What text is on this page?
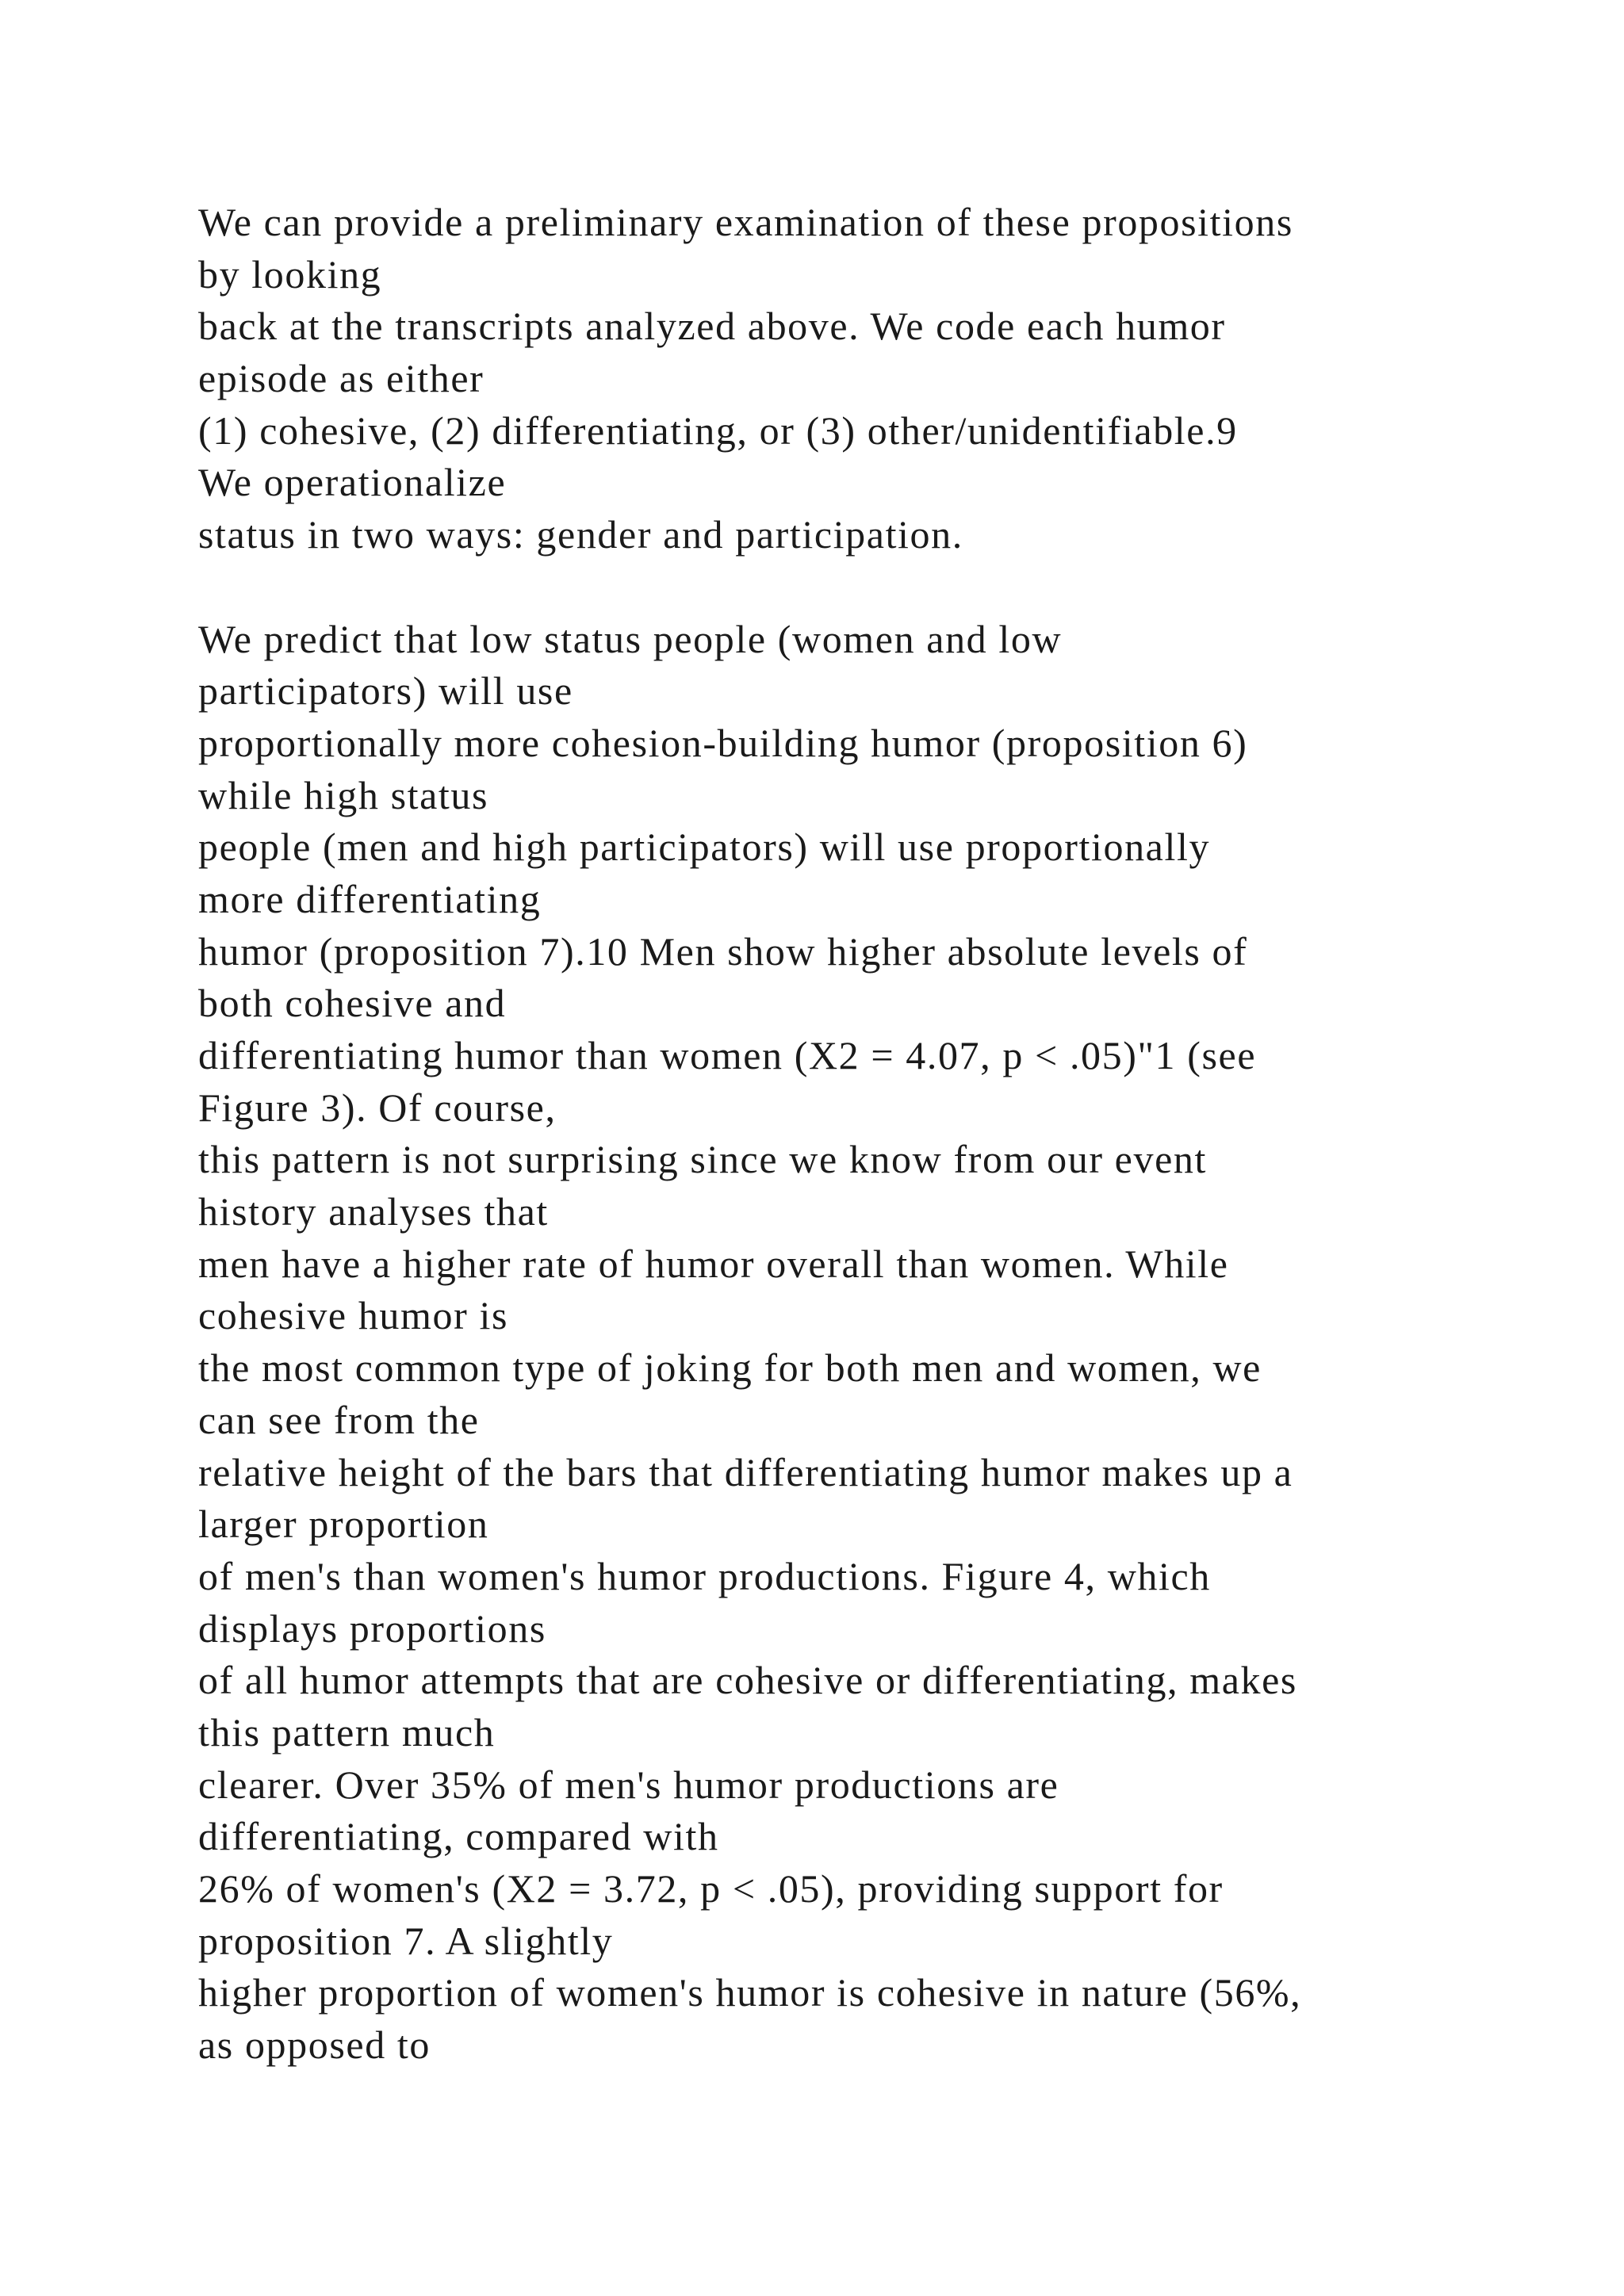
We can provide a preliminary examination of these propositions
by looking
back at the transcripts analyzed above. We code each humor
episode as either
(1) cohesive, (2) differentiating, or (3) other/unidentifiable.9
We operationalize
status in two ways: gender and participation.
We predict that low status people (women and low
participators) will use
proportionally more cohesion-building humor (proposition 6)
while high status
people (men and high participators) will use proportionally
more differentiating
humor (proposition 7).10 Men show higher absolute levels of
both cohesive and
differentiating humor than women (X2 = 4.07, p < .05)"1 (see
Figure 3). Of course,
this pattern is not surprising since we know from our event
history analyses that
men have a higher rate of humor overall than women. While
cohesive humor is
the most common type of joking for both men and women, we
can see from the
relative height of the bars that differentiating humor makes up a
larger proportion
of men's than women's humor productions. Figure 4, which
displays proportions
of all humor attempts that are cohesive or differentiating, makes
this pattern much
clearer. Over 35% of men's humor productions are
differentiating, compared with
26% of women's (X2 = 3.72, p < .05), providing support for
proposition 7. A slightly
higher proportion of women's humor is cohesive in nature (56%,
as opposed to
